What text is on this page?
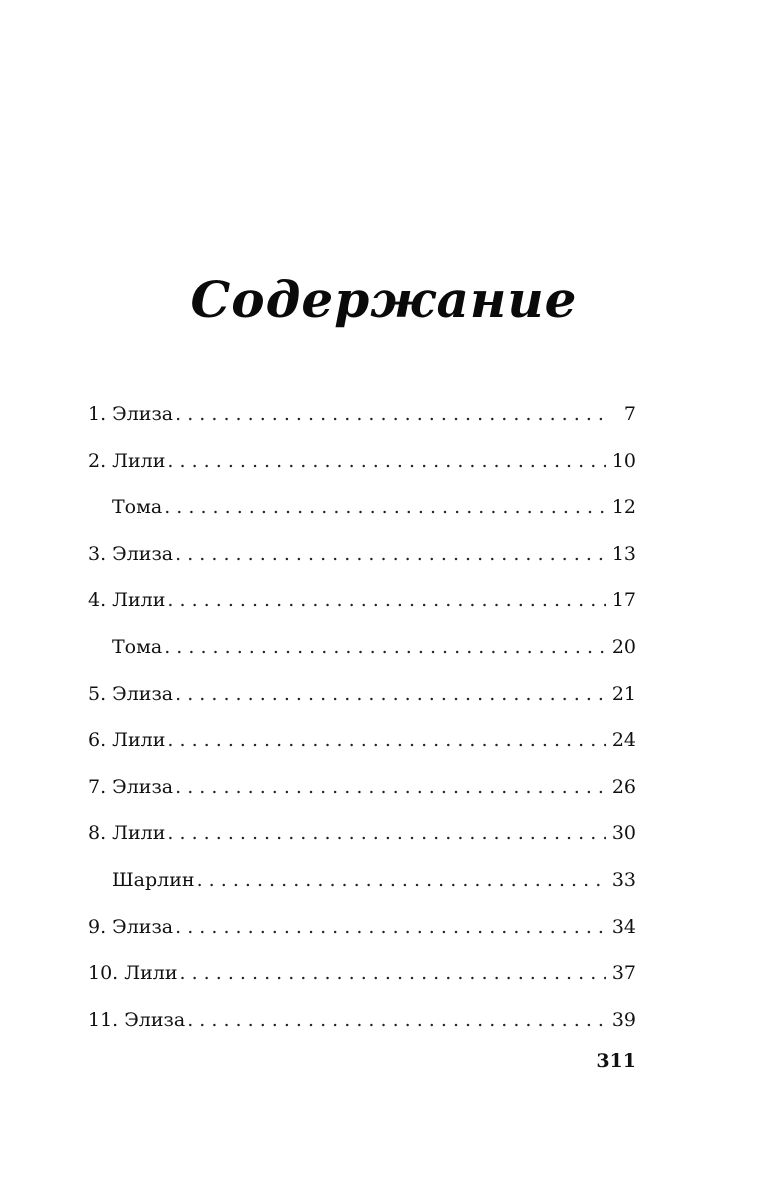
Содержание
1. Элиза . . .	7
2. Лили . . .	10
Тома . . .	12
3. Элиза . . .	13
4. Лили . . .	17
Тома . . .	20
5. Элиза . . .	21
6. Лили . . .	24
7. Элиза . . .	26
8. Лили . . .	30
Шарлин . . .	33
9. Элиза . . .	34
10. Лили . . .	37
11. Элиза . . .	39
311
